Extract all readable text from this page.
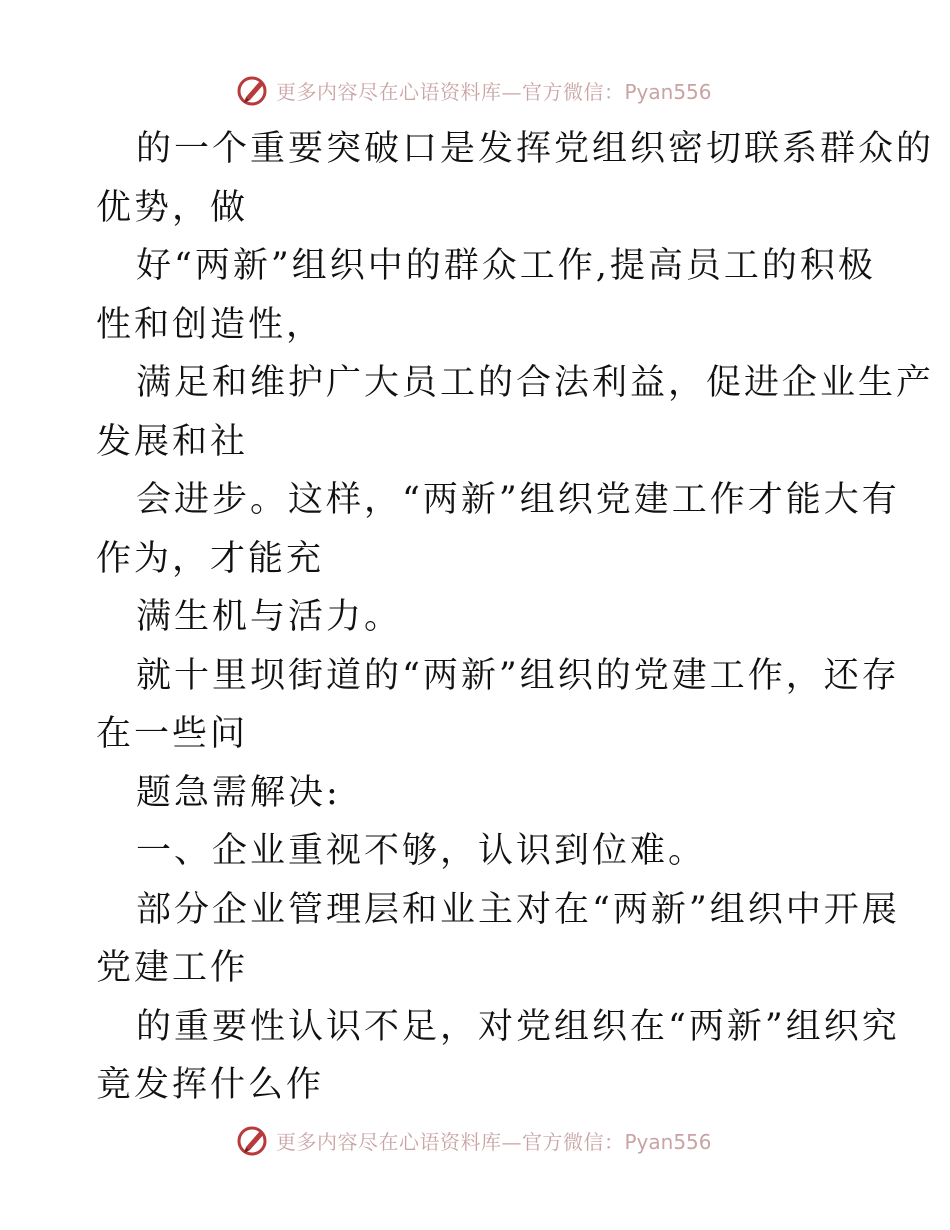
更多内容尽在心语资料库—官方微信：Pyan556
的一个重要突破口是发挥党组织密切联系群众的
优势，做
好“两新”组织中的群众工作,提高员工的积极
性和创造性，
满足和维护广大员工的合法利益，促进企业生产
发展和社
会进步。这样，“两新”组织党建工作才能大有
作为，才能充
满生机与活力。
就十里坝街道的“两新”组织的党建工作，还存
在一些问
题急需解决:
一、企业重视不够，认识到位难。
部分企业管理层和业主对在“两新”组织中开展
党建工作
的重要性认识不足，对党组织在“两新”组织究
竟发挥什么作
更多内容尽在心语资料库—官方微信：Pyan556
